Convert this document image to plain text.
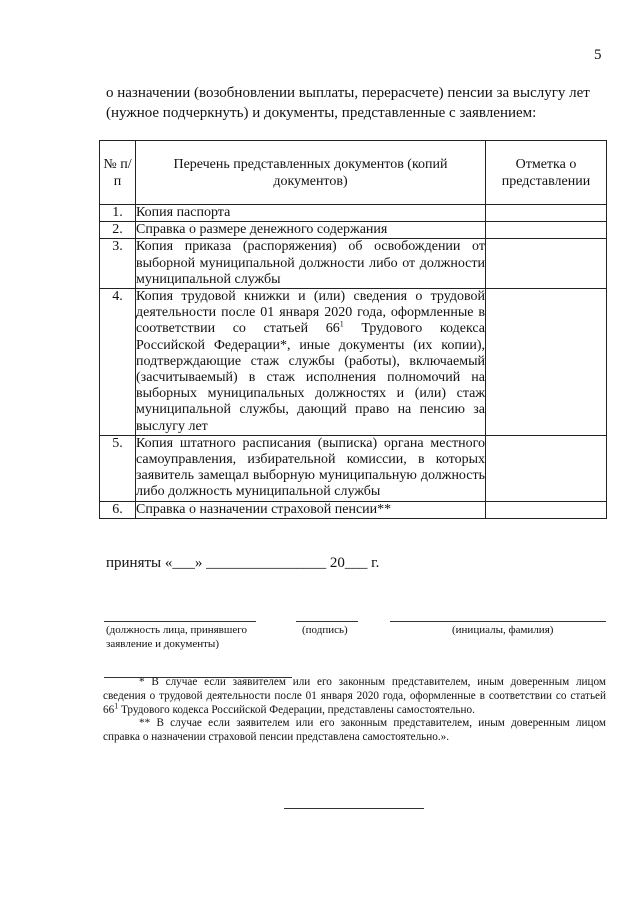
5
о назначении (возобновлении выплаты, перерасчете) пенсии за выслугу лет
(нужное подчеркнуть) и документы, представленные с заявлением:
№ п/п	Перечень представленных документов (копий документов)	Отметка о представлении
1.	Копия паспорта	
2.	Справка о размере денежного содержания	
3.	Копия приказа (распоряжения) об освобождении от выборной муниципальной должности либо от должности муниципальной службы	
4.	Копия трудовой книжки и (или) сведения о трудовой деятельности после 01 января 2020 года, оформленные в соответствии со статьей $66^1$ Трудового кодекса Российской Федерации*, иные документы (их копии), подтверждающие стаж службы (работы), включаемый (засчитываемый) в стаж исполнения полномочий на выборных муниципальных должностях и (или) стаж муниципальной службы, дающий право на пенсию за выслугу лет	
5.	Копия штатного расписания (выписка) органа местного самоуправления, избирательной комиссии, в которых заявитель замещал выборную муниципальную должность либо должность муниципальной службы	
6.	Справка о назначении страховой пенсии**	
приняты «___» ________________ 20___ г.
(должность лица, принявшего заявление и документы)
(подпись)	(инициалы, фамилия)

* В случае если заявителем или его законным представителем, иным доверенным лицом сведения о трудовой деятельности после 01 января 2020 года, оформленные в соответствии со статьей $66^1$ Трудового кодекса Российской Федерации, представлены самостоятельно.

** В случае если заявителем или его законным представителем, иным доверенным лицом справка о назначении страховой пенсии представлена самостоятельно.».
